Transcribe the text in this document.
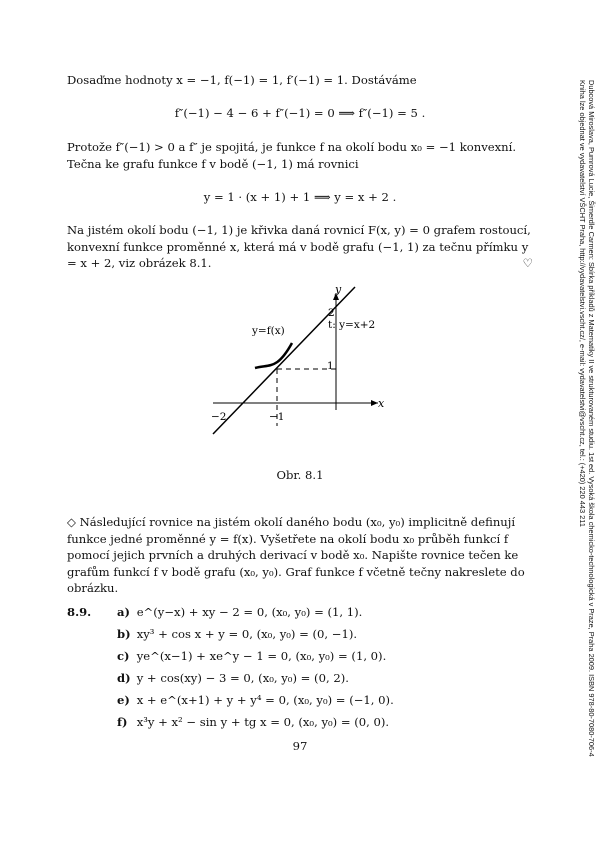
Dubcová Miroslava, Pumrová Lucie, Šimerdle Carmen: Sbírka příkladů z Matematiky II ve strukturovaném studiu. 1st ed. Vysoká škola chemicko-technologická v Praze, Praha 2009. ISBN 978-80-7080-706-4
Kniha lze objednat ve vydavatelství VŠCHT Praha, http://vydavatelstvi.vscht.cz/, e-mail: vydavatelstvi@vscht.cz, tel.: (+420) 220 443 211

Dosaďme hodnoty x = −1, f(−1) = 1, f′(−1) = 1. Dostáváme

f″(−1) − 4 − 6 + f″(−1) = 0 ⟹ f″(−1) = 5 .

Protože f″(−1) > 0 a f″ je spojitá, je funkce f na okolí bodu x₀ = −1 konvexní. Tečna ke grafu funkce f v bodě (−1, 1) má rovnici

y = 1 · (x + 1) + 1 ⟹ y = x + 2 .

Na jistém okolí bodu (−1, 1) je křivka daná rovnicí F(x, y) = 0 grafem rostoucí, konvexní funkce proměnné x, která má v bodě grafu (−1, 1) za tečnu přímku y = x + 2, viz obrázek 8.1.	♡
x
y
2
1
−1
−2
y=f(x)	t: y=x+2
Obr. 8.1

◇ Následující rovnice na jistém okolí daného bodu (x₀, y₀) implicitně definují funkce jedné proměnné y = f(x). Vyšetřete na okolí bodu x₀ průběh funkcí f pomocí jejich prvních a druhých derivací v bodě x₀. Napište rovnice tečen ke grafům funkcí f v bodě grafu (x₀, y₀). Graf funkce f včetně tečny nakreslete do obrázku.

8.9. a) e^(y−x) + xy − 2 = 0, (x₀, y₀) = (1, 1).
b) xy³ + cos x + y = 0, (x₀, y₀) = (0, −1).
c) ye^(x−1) + xe^y − 1 = 0, (x₀, y₀) = (1, 0).
d) y + cos(xy) − 3 = 0, (x₀, y₀) = (0, 2).
e) x + e^(x+1) + y + y⁴ = 0, (x₀, y₀) = (−1, 0).
f) x³y + x² − sin y + tg x = 0, (x₀, y₀) = (0, 0).
97
